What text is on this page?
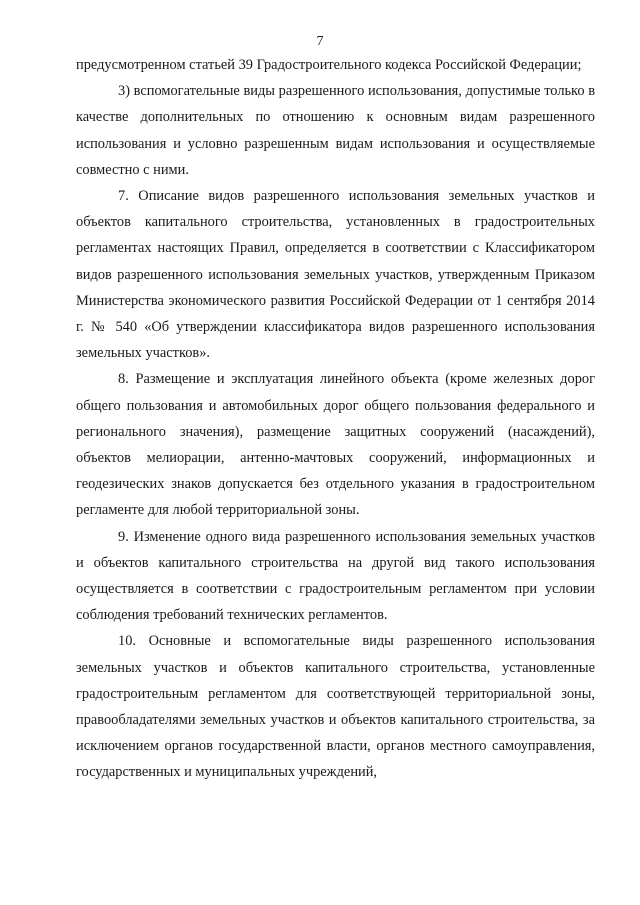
7

предусмотренном статьей 39 Градостроительного кодекса Российской Федерации;

3) вспомогательные виды разрешенного использования, допустимые только в качестве дополнительных по отношению к основным видам разрешенного использования и условно разрешенным видам использования и осуществляемые совместно с ними.

7. Описание видов разрешенного использования земельных участков и объектов капитального строительства, установленных в градостроительных регламентах настоящих Правил, определяется в соответствии с Классификатором видов разрешенного использования земельных участков, утвержденным Приказом Министерства экономического развития Российской Федерации от 1 сентября 2014 г. № 540 «Об утверждении классификатора видов разрешенного использования земельных участков».

8. Размещение и эксплуатация линейного объекта (кроме железных дорог общего пользования и автомобильных дорог общего пользования федерального и регионального значения), размещение защитных сооружений (насаждений), объектов мелиорации, антенно-мачтовых сооружений, информационных и геодезических знаков допускается без отдельного указания в градостроительном регламенте для любой территориальной зоны.

9. Изменение одного вида разрешенного использования земельных участков и объектов капитального строительства на другой вид такого использования осуществляется в соответствии с градостроительным регламентом при условии соблюдения требований технических регламентов.

10. Основные и вспомогательные виды разрешенного использования земельных участков и объектов капитального строительства, установленные градостроительным регламентом для соответствующей территориальной зоны, правообладателями земельных участков и объектов капитального строительства, за исключением органов государственной власти, органов местного самоуправления, государственных и муниципальных учреждений,
